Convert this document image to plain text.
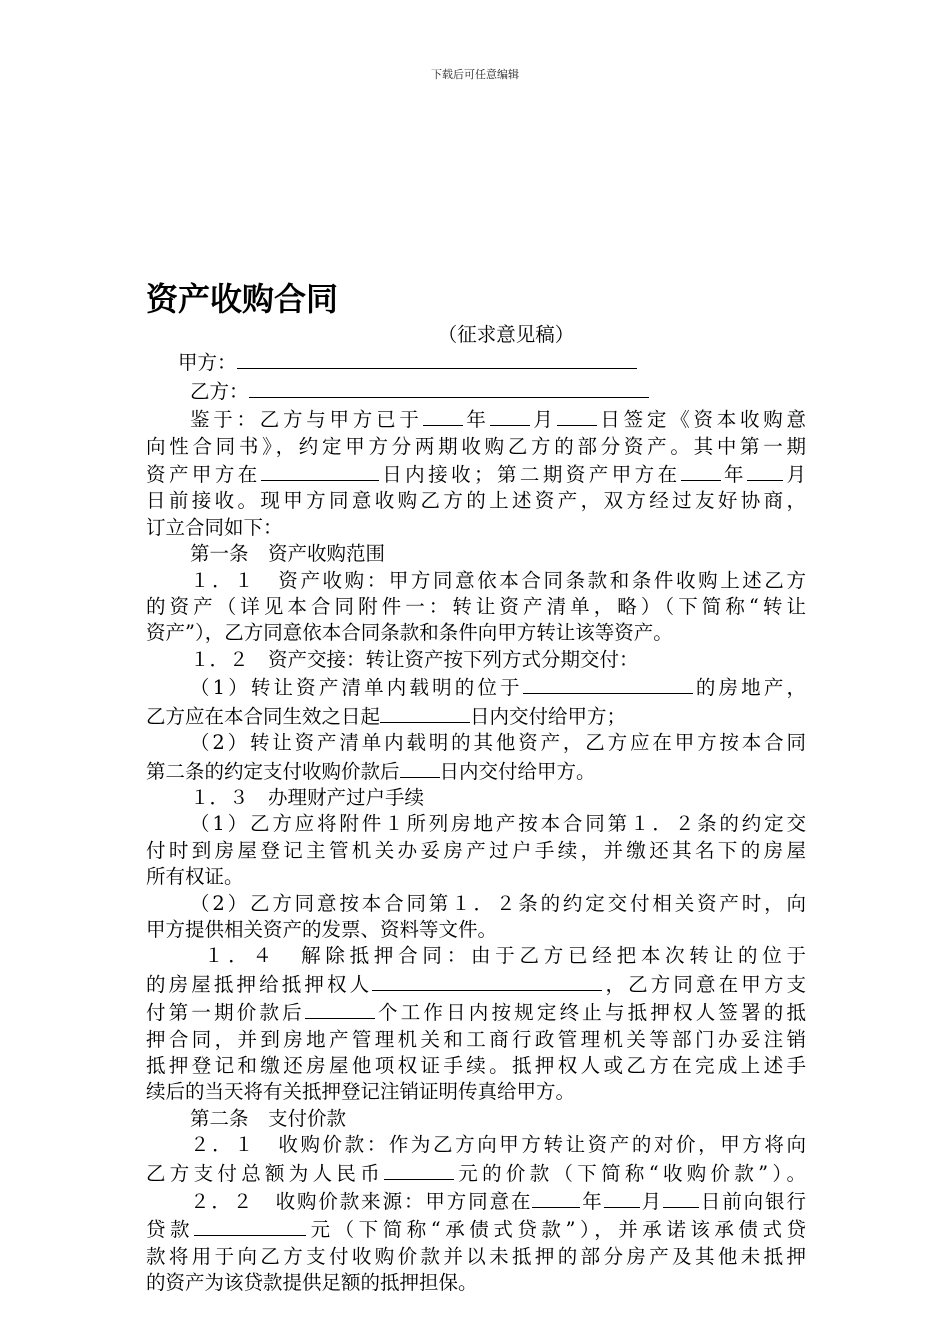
下载后可任意编辑
资产收购合同

（征求意见稿）

甲方：

乙方：

鉴于：乙方与甲方已于 年 月 日签定《资本收购意

向性合同书》，约定甲方分两期收购乙方的部分资产。其中第一期

资产甲方在	日内接收；第二期资产甲方在 年 月

日前接收。现甲方同意收购乙方的上述资产，双方经过友好协商，

订立合同如下：

第一条　资产收购范围

１．１　资产收购：甲方同意依本合同条款和条件收购上述乙方

的资产（详见本合同附件一：转让资产清单，略）（下简称“转让

资产”），乙方同意依本合同条款和条件向甲方转让该等资产。

１．２　资产交接：转让资产按下列方式分期交付：

（1）转让资产清单内载明的位于	的房地产，

乙方应在本合同生效之日起	日内交付给甲方；

（2）转让资产清单内载明的其他资产，乙方应在甲方按本合同

第二条的约定支付收购价款后 日内交付给甲方。

１．３　办理财产过户手续

（1）乙方应将附件１所列房地产按本合同第１．２条的约定交

付时到房屋登记主管机关办妥房产过户手续，并缴还其名下的房屋

所有权证。

（2）乙方同意按本合同第１．２条的约定交付相关资产时，向

甲方提供相关资产的发票、资料等文件。

１．４　解除抵押合同：由于乙方已经把本次转让的位于

的房屋抵押给抵押权人	，乙方同意在甲方支

付第一期价款后	个工作日内按规定终止与抵押权人签署的抵

押合同，并到房地产管理机关和工商行政管理机关等部门办妥注销

抵押登记和缴还房屋他项权证手续。抵押权人或乙方在完成上述手

续后的当天将有关抵押登记注销证明传真给甲方。

第二条　支付价款

２．１　收购价款：作为乙方向甲方转让资产的对价，甲方将向

乙方支付总额为人民币	元的价款（下简称“收购价款”）。

２．２　收购价款来源：甲方同意在 年 月 日前向银行

贷款	元（下简称“承债式贷款”），并承诺该承债式贷

款将用于向乙方支付收购价款并以未抵押的部分房产及其他未抵押

的资产为该贷款提供足额的抵押担保。
